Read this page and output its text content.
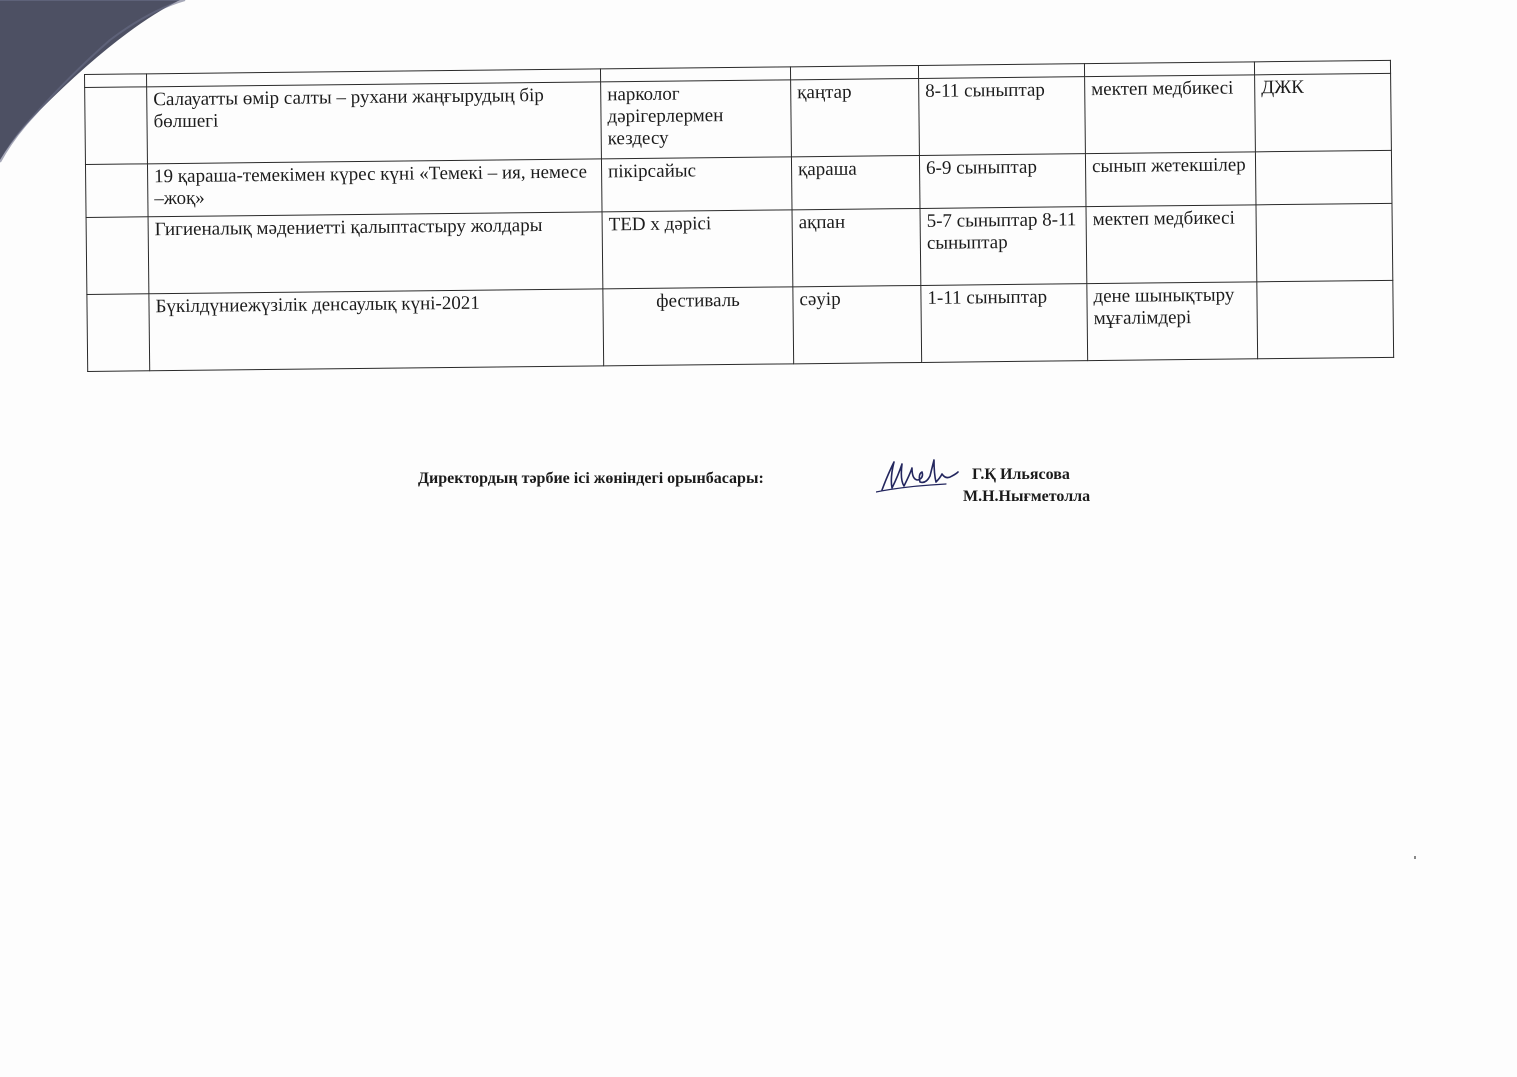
	Салауатты өмір салты – рухани жаңғырудың бір бөлшегі	нарколог дәрігерлермен кездесу	қаңтар	8-11 сыныптар	мектеп медбикесі	ДЖК
	19 қараша-темекімен күрес күні «Темекі – ия, немесе –жоқ»	пікірсайыс	қараша	6-9 сыныптар	сынып жетекшілер	
	Гигиеналық мәдениетті қалыптастыру жолдары	TED x дәрісі	ақпан	5-7 сыныптар 8-11 сыныптар	мектеп медбикесі	
	Бүкілдүниежүзілік денсаулық күні-2021	фестиваль	сәуір	1-11 сыныптар	дене шынықтыру мұғалімдері	
Директордың тәрбие ісі жөніндегі орынбасары:	Г.Қ Ильясова
М.Н.Нығметолла
